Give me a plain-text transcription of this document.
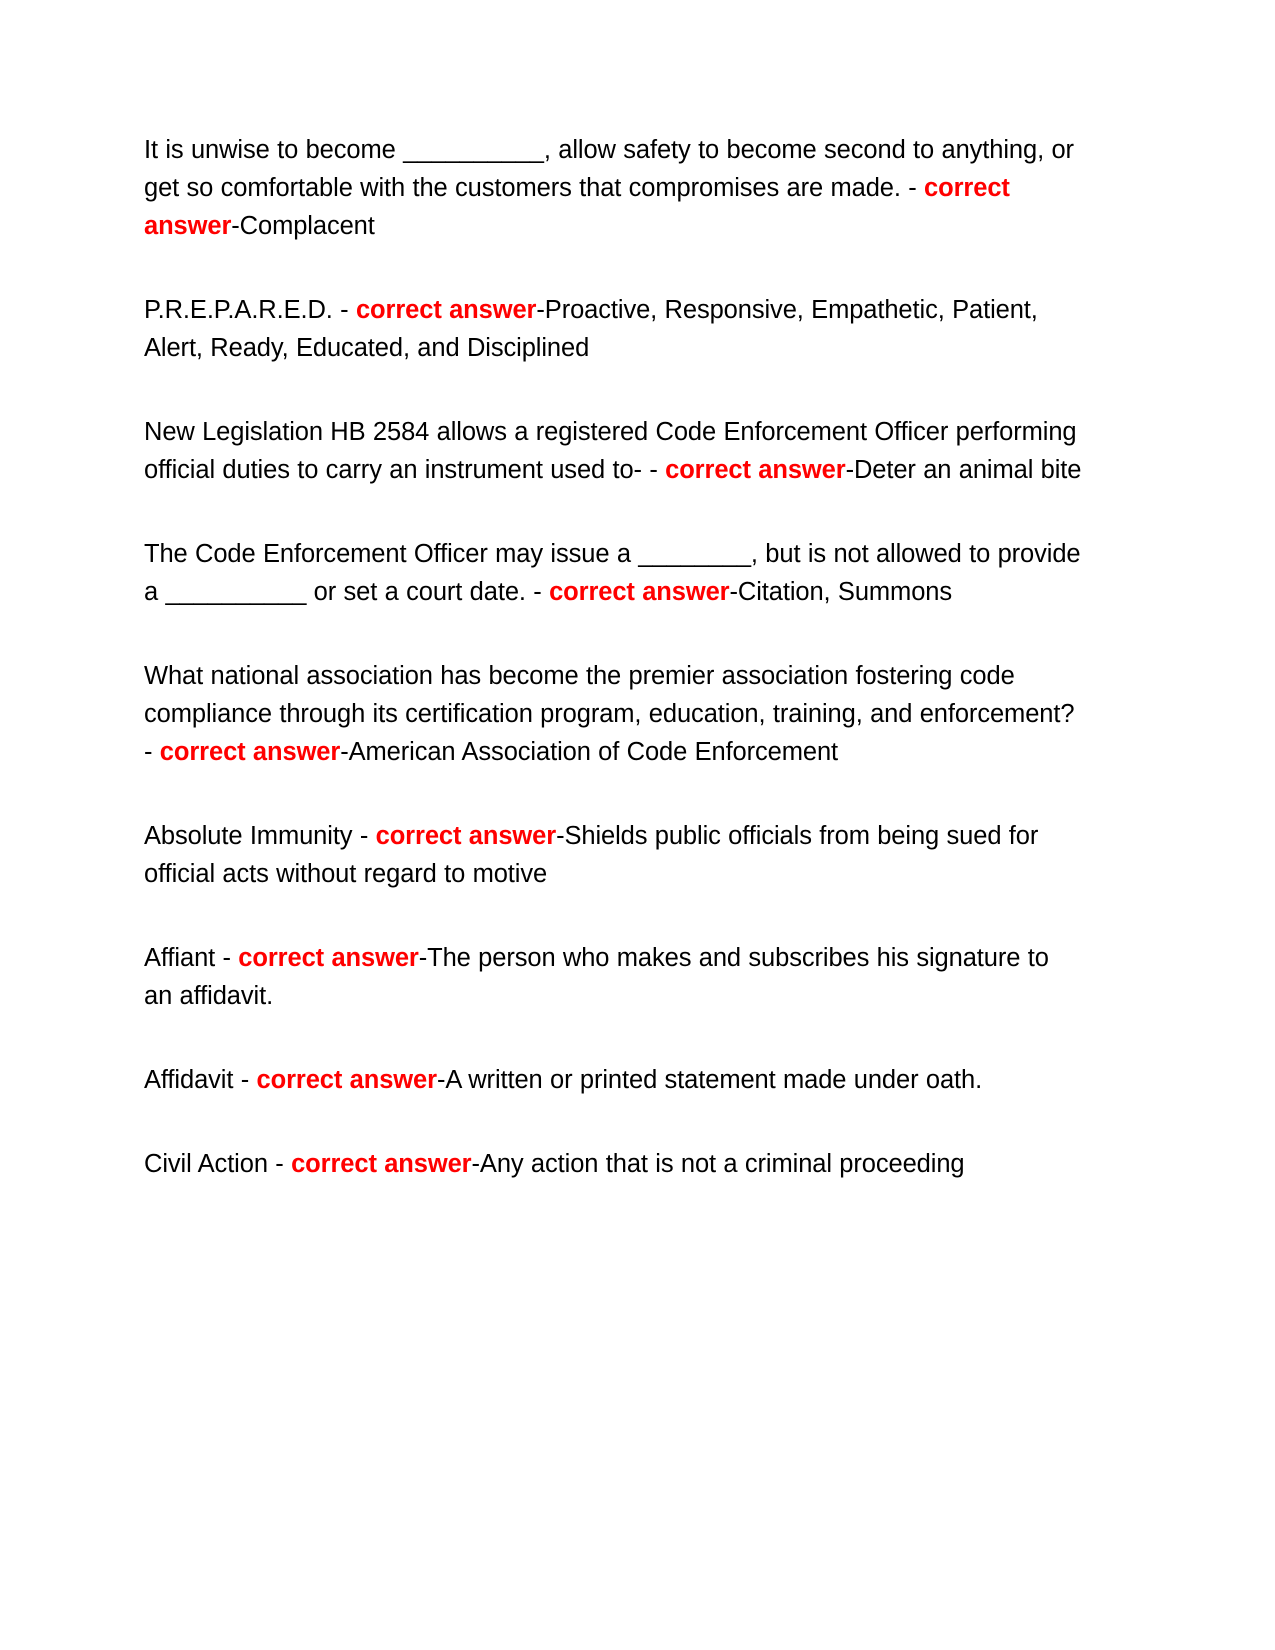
It is unwise to become __________, allow safety to become second to anything, or get so comfortable with the customers that compromises are made. - correct answer-Complacent

P.R.E.P.A.R.E.D. - correct answer-Proactive, Responsive, Empathetic, Patient, Alert, Ready, Educated, and Disciplined

New Legislation HB 2584 allows a registered Code Enforcement Officer performing official duties to carry an instrument used to- - correct answer-Deter an animal bite

The Code Enforcement Officer may issue a ________, but is not allowed to provide a __________ or set a court date. - correct answer-Citation, Summons

What national association has become the premier association fostering code compliance through its certification program, education, training, and enforcement? - correct answer-American Association of Code Enforcement

Absolute Immunity - correct answer-Shields public officials from being sued for official acts without regard to motive

Affiant - correct answer-The person who makes and subscribes his signature to an affidavit.

Affidavit - correct answer-A written or printed statement made under oath.

Civil Action - correct answer-Any action that is not a criminal proceeding
